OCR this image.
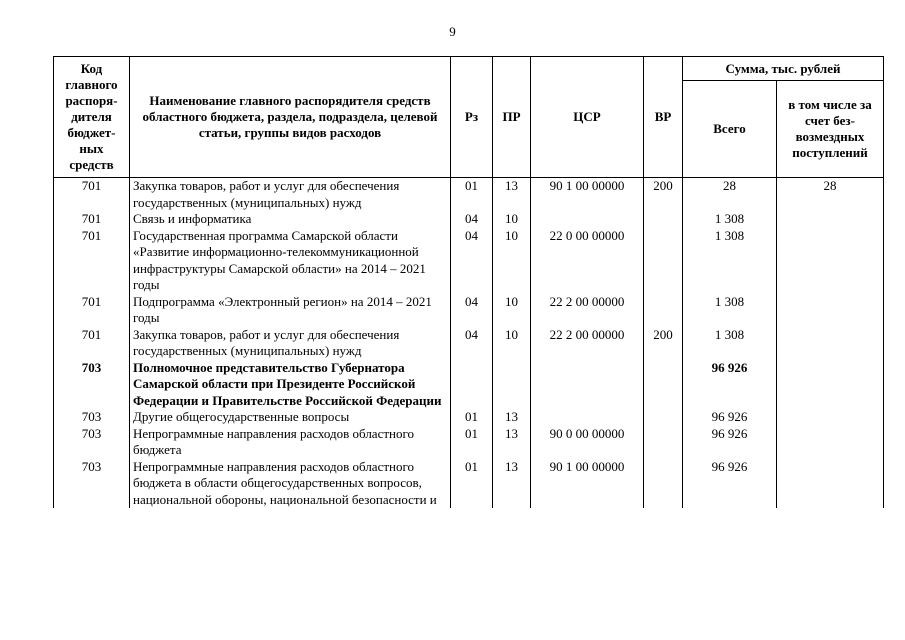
9
Код главного распоря-дителя бюджет-ных средств	Наименование главного распорядителя средств областного бюджета, раздела, подраздела, целевой статьи, группы видов расходов	Рз	ПР	ЦСР	ВР	Сумма, тыс. рублей	
						Всего	в том числе за счет без-возмездных поступлений
701	Закупка товаров, работ и услуг для обеспечения государственных (муниципальных) нужд	01	13	90 1 00 00000	200	28	28
701	Связь и информатика	04	10			1 308	
701	Государственная программа Самарской области «Развитие информационно-телекоммуникационной инфраструктуры Самарской области» на 2014 – 2021 годы	04	10	22 0 00 00000		1 308	
701	Подпрограмма «Электронный регион» на 2014 – 2021 годы	04	10	22 2 00 00000		1 308	
701	Закупка товаров, работ и услуг для обеспечения государственных (муниципальных) нужд	04	10	22 2 00 00000	200	1 308	
703	Полномочное представительство Губернатора Самарской области при Президенте Российской Федерации и Правительстве Российской Федерации					96 926	
703	Другие общегосударственные вопросы	01	13			96 926	
703	Непрограммные направления расходов областного бюджета	01	13	90 0 00 00000		96 926	
703	Непрограммные направления расходов областного бюджета в области общегосударственных вопросов, национальной обороны, национальной безопасности и	01	13	90 1 00 00000		96 926	
